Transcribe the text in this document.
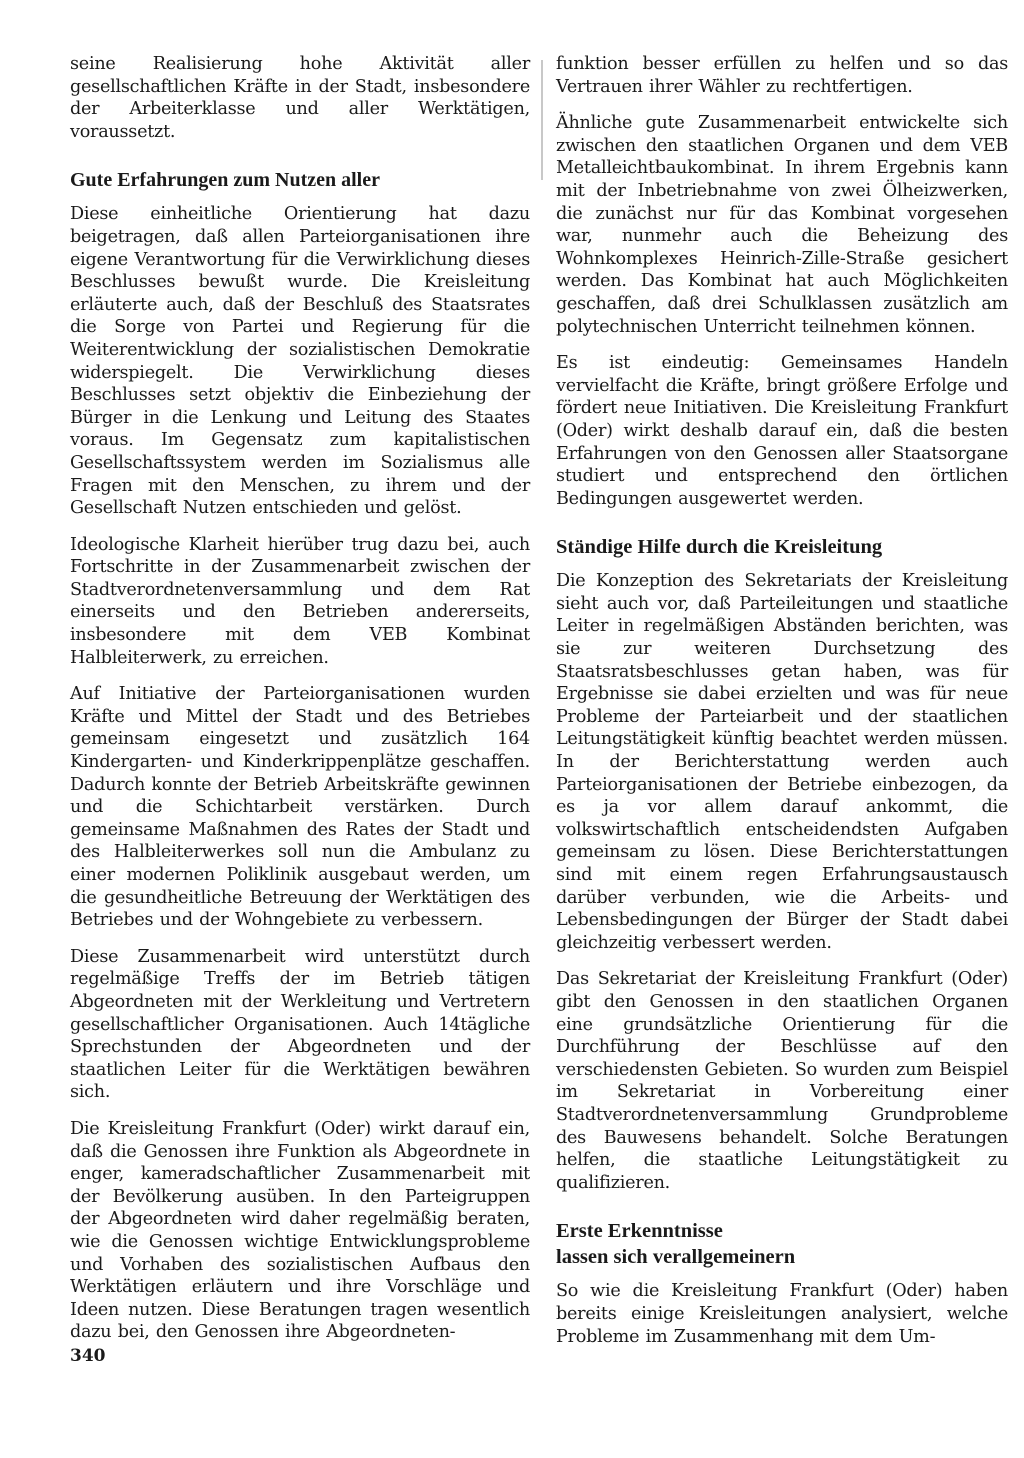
seine Realisierung hohe Aktivität aller gesellschaftlichen Kräfte in der Stadt, insbesondere der Arbeiterklasse und aller Werktätigen, voraussetzt.

Gute Erfahrungen zum Nutzen aller

Diese einheitliche Orientierung hat dazu beigetragen, daß allen Parteiorganisationen ihre eigene Verantwortung für die Verwirklichung dieses Beschlusses bewußt wurde. Die Kreisleitung erläuterte auch, daß der Beschluß des Staatsrates die Sorge von Partei und Regierung für die Weiterentwicklung der sozialistischen Demokratie widerspiegelt. Die Verwirklichung dieses Beschlusses setzt objektiv die Einbeziehung der Bürger in die Lenkung und Leitung des Staates voraus. Im Gegensatz zum kapitalistischen Gesellschaftssystem werden im Sozialismus alle Fragen mit den Menschen, zu ihrem und der Gesellschaft Nutzen entschieden und gelöst.

Ideologische Klarheit hierüber trug dazu bei, auch Fortschritte in der Zusammenarbeit zwischen der Stadtverordnetenversammlung und dem Rat einerseits und den Betrieben andererseits, insbesondere mit dem VEB Kombinat Halbleiterwerk, zu erreichen.

Auf Initiative der Parteiorganisationen wurden Kräfte und Mittel der Stadt und des Betriebes gemeinsam eingesetzt und zusätzlich 164 Kindergarten- und Kinderkrippenplätze geschaffen. Dadurch konnte der Betrieb Arbeitskräfte gewinnen und die Schichtarbeit verstärken. Durch gemeinsame Maßnahmen des Rates der Stadt und des Halbleiterwerkes soll nun die Ambulanz zu einer modernen Poliklinik ausgebaut werden, um die gesundheitliche Betreuung der Werktätigen des Betriebes und der Wohngebiete zu verbessern.

Diese Zusammenarbeit wird unterstützt durch regelmäßige Treffs der im Betrieb tätigen Abgeordneten mit der Werkleitung und Vertretern gesellschaftlicher Organisationen. Auch 14tägliche Sprechstunden der Abgeordneten und der staatlichen Leiter für die Werktätigen bewähren sich.

Die Kreisleitung Frankfurt (Oder) wirkt darauf ein, daß die Genossen ihre Funktion als Abgeordnete in enger, kameradschaftlicher Zusammenarbeit mit der Bevölkerung ausüben. In den Parteigruppen der Abgeordneten wird daher regelmäßig beraten, wie die Genossen wichtige Entwicklungsprobleme und Vorhaben des sozialistischen Aufbaus den Werktätigen erläutern und ihre Vorschläge und Ideen nutzen. Diese Beratungen tragen wesentlich dazu bei, den Genossen ihre Abgeordneten-

funktion besser erfüllen zu helfen und so das Vertrauen ihrer Wähler zu rechtfertigen.

Ähnliche gute Zusammenarbeit entwickelte sich zwischen den staatlichen Organen und dem VEB Metalleichtbaukombinat. In ihrem Ergebnis kann mit der Inbetriebnahme von zwei Ölheizwerken, die zunächst nur für das Kombinat vorgesehen war, nunmehr auch die Beheizung des Wohnkomplexes Heinrich-Zille-Straße gesichert werden. Das Kombinat hat auch Möglichkeiten geschaffen, daß drei Schulklassen zusätzlich am polytechnischen Unterricht teilnehmen können.

Es ist eindeutig: Gemeinsames Handeln vervielfacht die Kräfte, bringt größere Erfolge und fördert neue Initiativen. Die Kreisleitung Frankfurt (Oder) wirkt deshalb darauf ein, daß die besten Erfahrungen von den Genossen aller Staatsorgane studiert und entsprechend den örtlichen Bedingungen ausgewertet werden.

Ständige Hilfe durch die Kreisleitung

Die Konzeption des Sekretariats der Kreisleitung sieht auch vor, daß Parteileitungen und staatliche Leiter in regelmäßigen Abständen berichten, was sie zur weiteren Durchsetzung des Staatsratsbeschlusses getan haben, was für Ergebnisse sie dabei erzielten und was für neue Probleme der Parteiarbeit und der staatlichen Leitungstätigkeit künftig beachtet werden müssen. In der Berichterstattung werden auch Parteiorganisationen der Betriebe einbezogen, da es ja vor allem darauf ankommt, die volkswirtschaftlich entscheidendsten Aufgaben gemeinsam zu lösen. Diese Berichterstattungen sind mit einem regen Erfahrungsaustausch darüber verbunden, wie die Arbeits- und Lebensbedingungen der Bürger der Stadt dabei gleichzeitig verbessert werden.

Das Sekretariat der Kreisleitung Frankfurt (Oder) gibt den Genossen in den staatlichen Organen eine grundsätzliche Orientierung für die Durchführung der Beschlüsse auf den verschiedensten Gebieten. So wurden zum Beispiel im Sekretariat in Vorbereitung einer Stadtverordnetenversammlung Grundprobleme des Bauwesens behandelt. Solche Beratungen helfen, die staatliche Leitungstätigkeit zu qualifizieren.

Erste Erkenntnisse
lassen sich verallgemeinern

So wie die Kreisleitung Frankfurt (Oder) haben bereits einige Kreisleitungen analysiert, welche Probleme im Zusammenhang mit dem Um-

340
